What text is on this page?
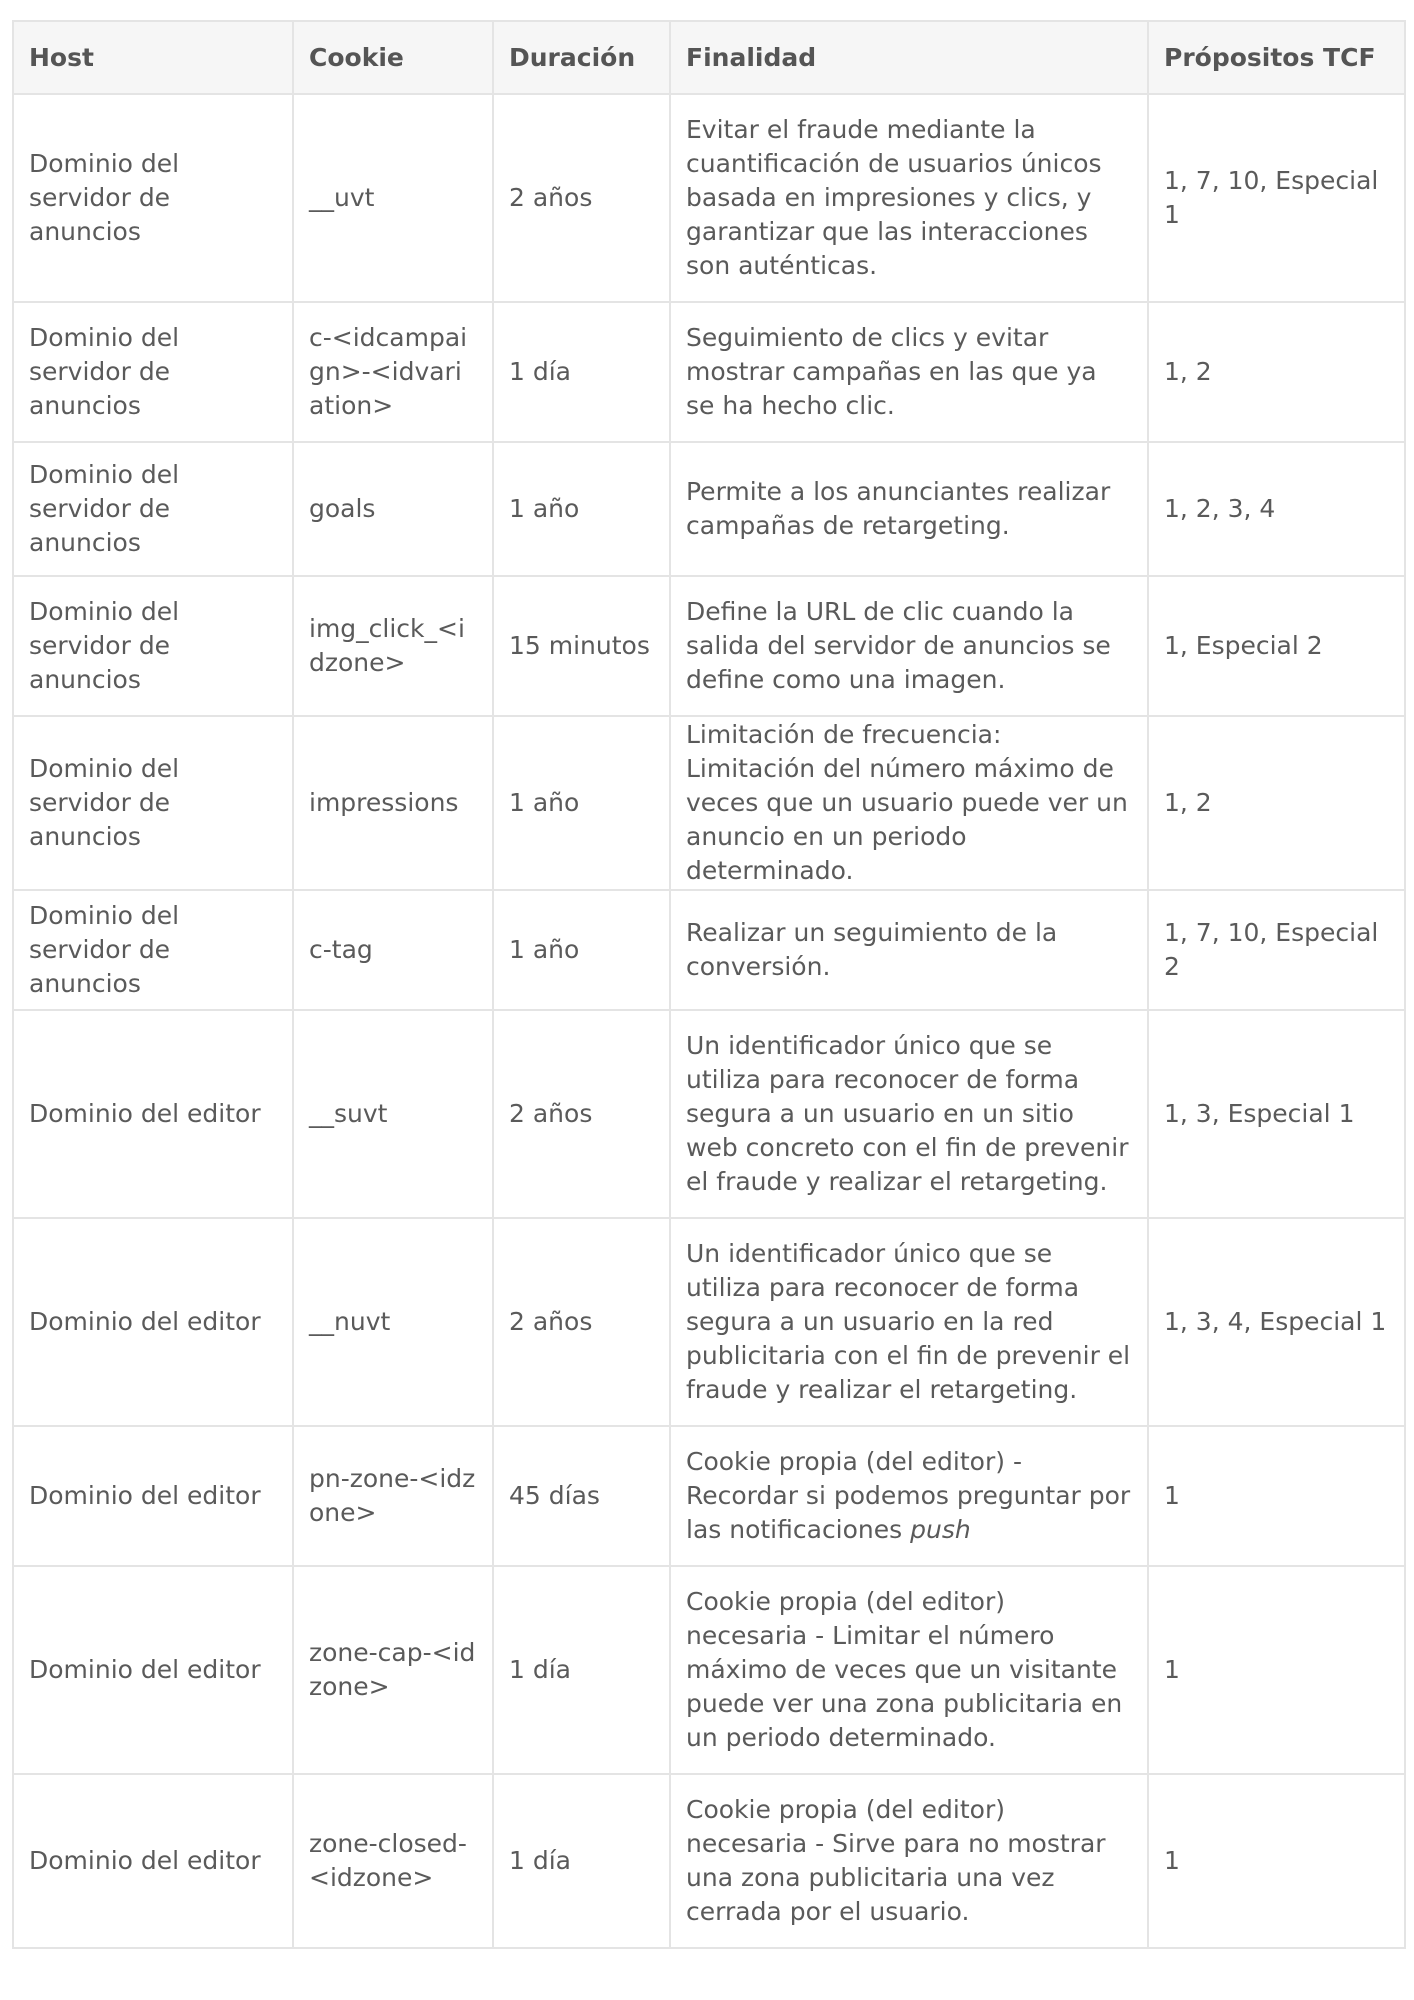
Host	Cookie	Duración	Finalidad	Própositos TCF
Dominio del servidor de anuncios	__uvt	2 años	Evitar el fraude mediante la cuantificación de usuarios únicos basada en impresiones y clics, y garantizar que las interacciones son auténticas.	1, 7, 10, Especial 1
Dominio del servidor de anuncios	c-<idcampaign>-<idvariation>	1 día	Seguimiento de clics y evitar mostrar campañas en las que ya se ha hecho clic.	1, 2
Dominio del servidor de anuncios	goals	1 año	Permite a los anunciantes realizar campañas de retargeting.	1, 2, 3, 4
Dominio del servidor de anuncios	img_click_<idzone>	15 minutos	Define la URL de clic cuando la salida del servidor de anuncios se define como una imagen.	1, Especial 2
Dominio del servidor de anuncios	impressions	1 año	Limitación de frecuencia: Limitación del número máximo de veces que un usuario puede ver un anuncio en un periodo determinado.	1, 2
Dominio del servidor de anuncios	c-tag	1 año	Realizar un seguimiento de la conversión.	1, 7, 10, Especial 2
Dominio del editor	__suvt	2 años	Un identificador único que se utiliza para reconocer de forma segura a un usuario en un sitio web concreto con el fin de prevenir el fraude y realizar el retargeting.	1, 3, Especial 1
Dominio del editor	__nuvt	2 años	Un identificador único que se utiliza para reconocer de forma segura a un usuario en la red publicitaria con el fin de prevenir el fraude y realizar el retargeting.	1, 3, 4, Especial 1
Dominio del editor	pn-zone-<idzone>	45 días	Cookie propia (del editor) - Recordar si podemos preguntar por las notificaciones push	1
Dominio del editor	zone-cap-<idzone>	1 día	Cookie propia (del editor) necesaria - Limitar el número máximo de veces que un visitante puede ver una zona publicitaria en un periodo determinado.	1
Dominio del editor	zone-closed-<idzone>	1 día	Cookie propia (del editor) necesaria - Sirve para no mostrar una zona publicitaria una vez cerrada por el usuario.	1
